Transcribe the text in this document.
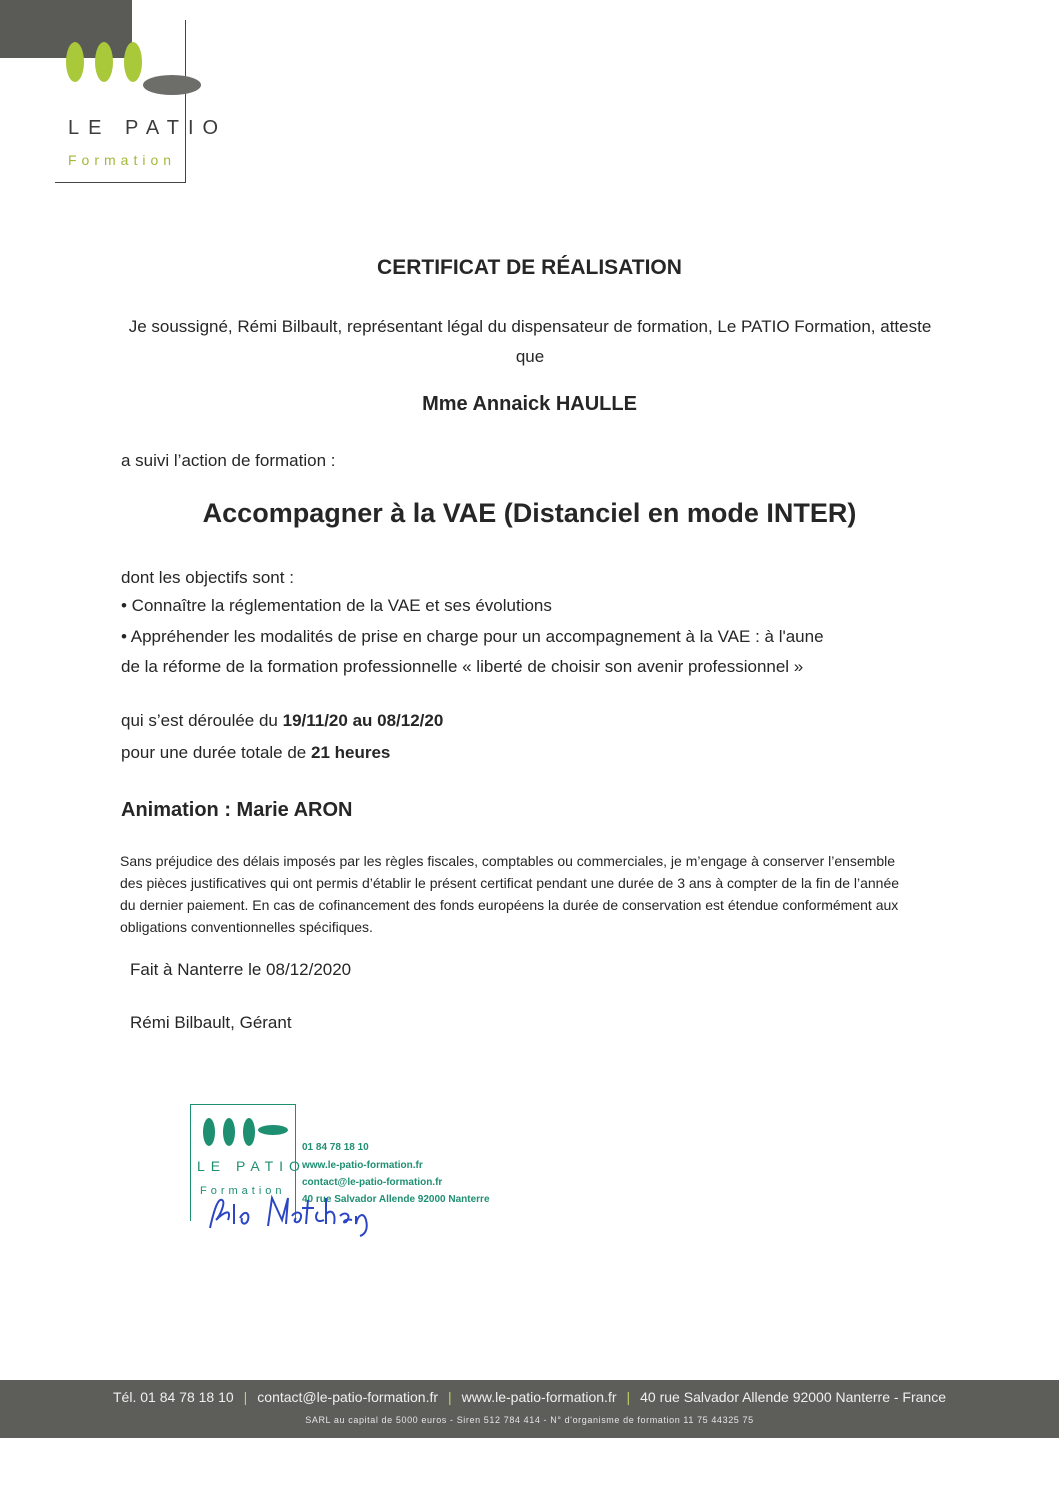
LE PATIO
Formation
CERTIFICAT DE RÉALISATION
Je soussigné, Rémi Bilbault, représentant légal du dispensateur de formation, Le PATIO Formation, atteste que
Mme Annaick HAULLE
a suivi l’action de formation :
Accompagner à la VAE (Distanciel en mode INTER)
dont les objectifs sont :
• Connaître la réglementation de la VAE et ses évolutions
• Appréhender les modalités de prise en charge pour un accompagnement à la VAE : à l'aune
de la réforme de la formation professionnelle « liberté de choisir son avenir professionnel »
qui s’est déroulée du 19/11/20 au 08/12/20
pour une durée totale de 21 heures
Animation : Marie ARON
Sans préjudice des délais imposés par les règles fiscales, comptables ou commerciales, je m’engage à conserver l’ensemble des pièces justificatives qui ont permis d’établir le présent certificat pendant une durée de 3 ans à compter de la fin de l’année du dernier paiement. En cas de cofinancement des fonds européens la durée de conservation est étendue conformément aux obligations conventionnelles spécifiques.
Fait à Nanterre le 08/12/2020
Rémi Bilbault, Gérant
LE PATIO
Formation
01 84 78 18 10
www.le-patio-formation.fr
contact@le-patio-formation.fr
40 rue Salvador Allende 92000 Nanterre
Tél. 01 84 78 18 10 | contact@le-patio-formation.fr | www.le-patio-formation.fr | 40 rue Salvador Allende 92000 Nanterre - France
SARL au capital de 5000 euros - Siren 512 784 414 - N° d'organisme de formation 11 75 44325 75
